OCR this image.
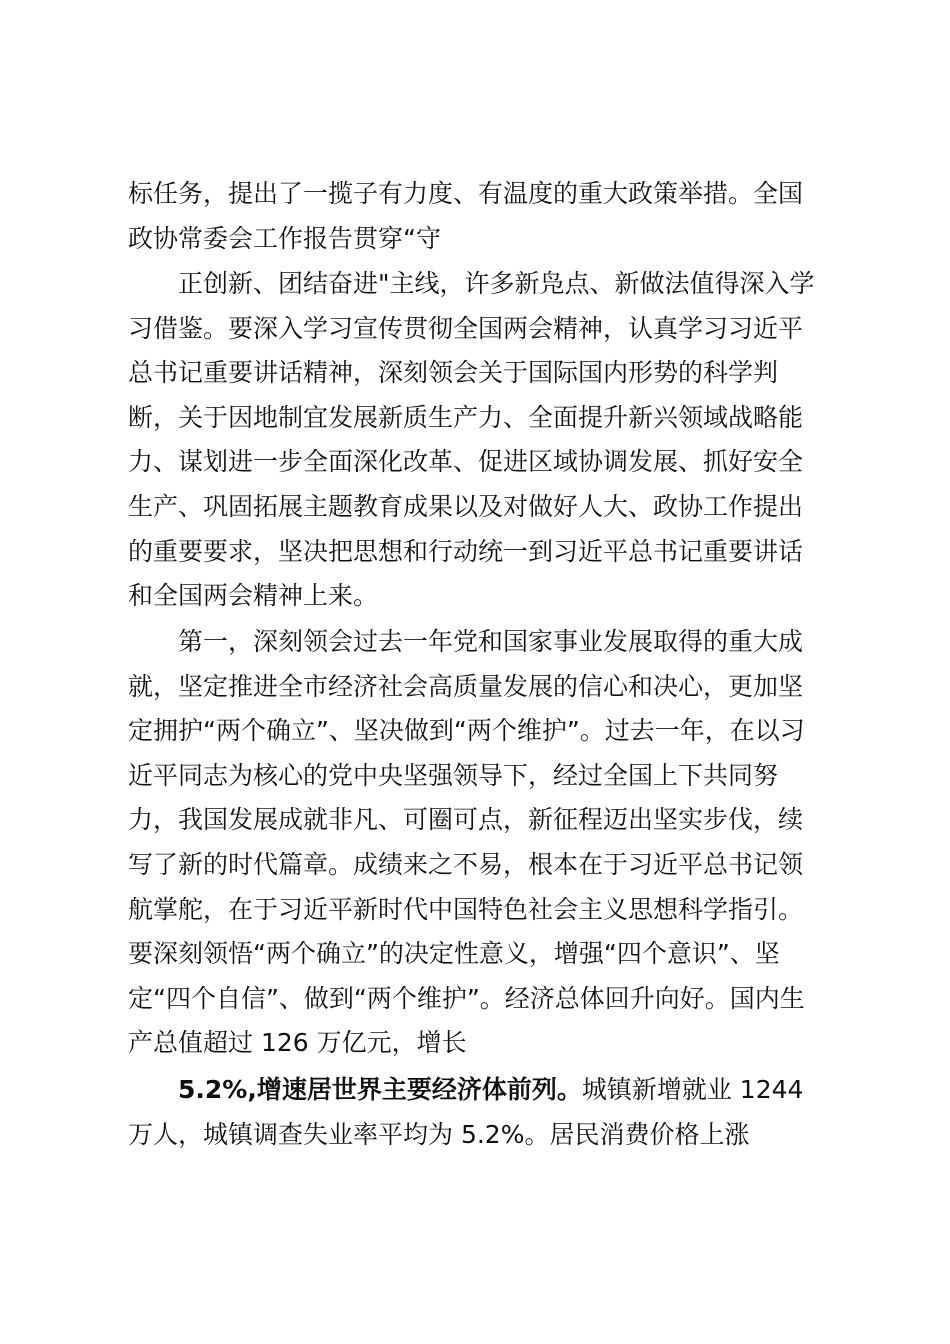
标任务，提出了一揽子有力度、有温度的重大政策举措。全国
政协常委会工作报告贯穿“守
正创新、团结奋进"主线，许多新凫点、新做法值得深入学
习借鉴。要深入学习宣传贯彻全国两会精神，认真学习习近平
总书记重要讲话精神，深刻领会关于国际国内形势的科学判
断，关于因地制宜发展新质生产力、全面提升新兴领域战略能
力、谋划进一步全面深化改革、促进区域协调发展、抓好安全
生产、巩固拓展主题教育成果以及对做好人大、政协工作提出
的重要要求，坚决把思想和行动统一到习近平总书记重要讲话
和全国两会精神上来。
第一，深刻领会过去一年党和国家事业发展取得的重大成
就，坚定推进全市经济社会高质量发展的信心和决心，更加坚
定拥护“两个确立”、坚决做到“两个维护”。过去一年，在以习
近平同志为核心的党中央坚强领导下，经过全国上下共同努
力，我国发展成就非凡、可圈可点，新征程迈出坚实步伐，续
写了新的时代篇章。成绩来之不易，根本在于习近平总书记领
航掌舵，在于习近平新时代中国特色社会主义思想科学指引。
要深刻领悟“两个确立”的决定性意义，增强“四个意识”、坚
定“四个自信”、做到“两个维护”。经济总体回升向好。国内生
产总值超过 126 万亿元，增长
5.2%,增速居世界主要经济体前列。城镇新增就业 1244
万人，城镇调查失业率平均为 5.2%。居民消费价格上涨
